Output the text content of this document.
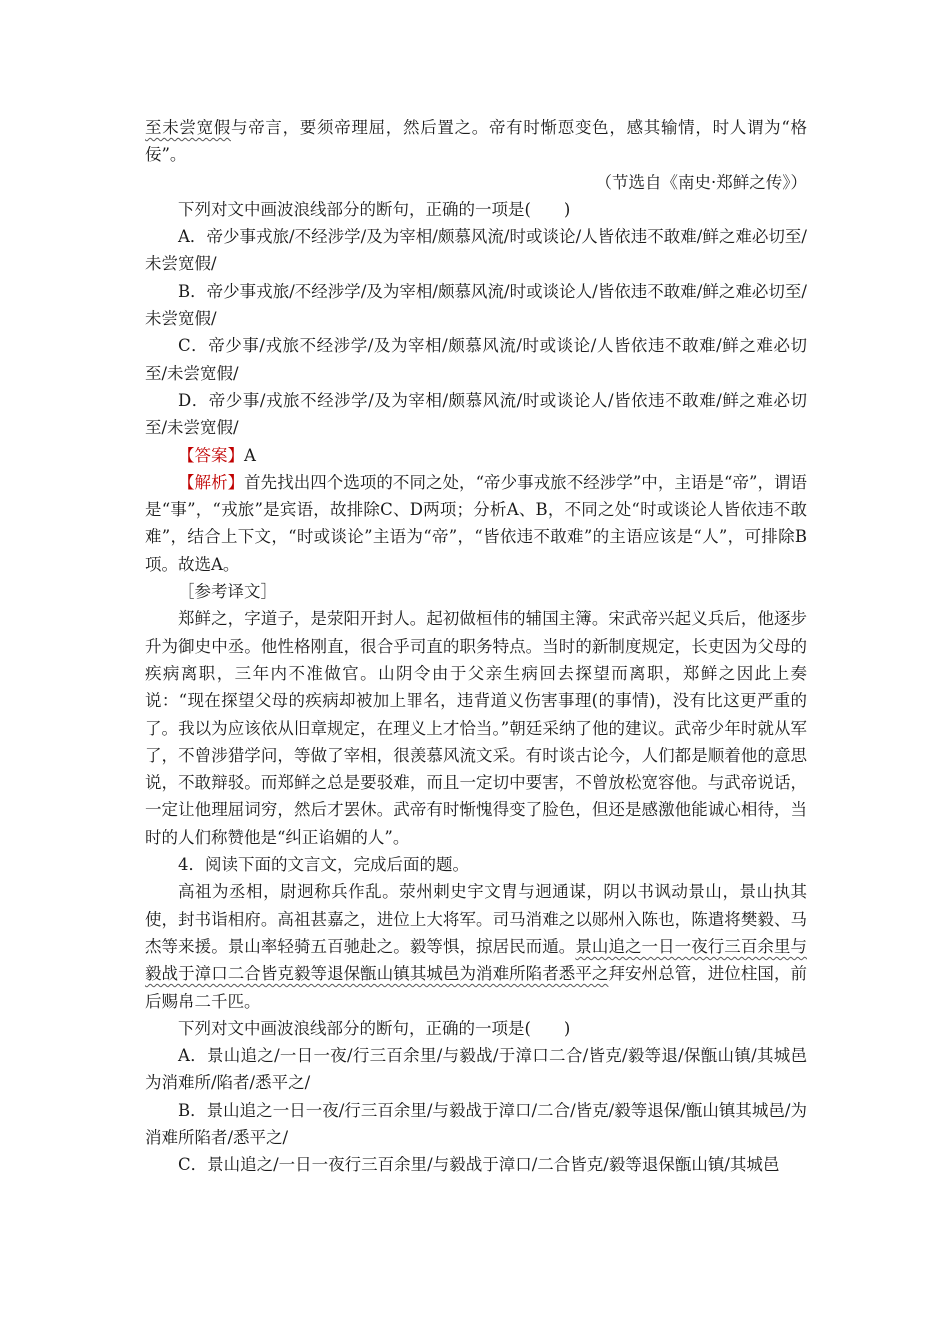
至未尝宽假与帝言，要须帝理屈，然后置之。帝有时惭恧变色，感其输情，时人谓为“格佞”。

（节选自《南史·郑鲜之传》）

下列对文中画波浪线部分的断句，正确的一项是(　　)

A．帝少事戎旅/不经涉学/及为宰相/颇慕风流/时或谈论/人皆依违不敢难/鲜之难必切至/未尝宽假/

B．帝少事戎旅/不经涉学/及为宰相/颇慕风流/时或谈论人/皆依违不敢难/鲜之难必切至/未尝宽假/

C．帝少事/戎旅不经涉学/及为宰相/颇慕风流/时或谈论/人皆依违不敢难/鲜之难必切至/未尝宽假/

D．帝少事/戎旅不经涉学/及为宰相/颇慕风流/时或谈论人/皆依违不敢难/鲜之难必切至/未尝宽假/

【答案】A

【解析】首先找出四个选项的不同之处，“帝少事戎旅不经涉学”中，主语是“帝”，谓语是“事”，“戎旅”是宾语，故排除C、D两项；分析A、B，不同之处“时或谈论人皆依违不敢难”，结合上下文，“时或谈论”主语为“帝”，“皆依违不敢难”的主语应该是“人”，可排除B项。故选A。

［参考译文］

郑鲜之，字道子，是荥阳开封人。起初做桓伟的辅国主簿。宋武帝兴起义兵后，他逐步升为御史中丞。他性格刚直，很合乎司直的职务特点。当时的新制度规定，长吏因为父母的疾病离职，三年内不准做官。山阴令由于父亲生病回去探望而离职，郑鲜之因此上奏说：“现在探望父母的疾病却被加上罪名，违背道义伤害事理(的事情)，没有比这更严重的了。我以为应该依从旧章规定，在理义上才恰当。”朝廷采纳了他的建议。武帝少年时就从军了，不曾涉猎学问，等做了宰相，很羡慕风流文采。有时谈古论今，人们都是顺着他的意思说，不敢辩驳。而郑鲜之总是要驳难，而且一定切中要害，不曾放松宽容他。与武帝说话，一定让他理屈词穷，然后才罢休。武帝有时惭愧得变了脸色，但还是感激他能诚心相待，当时的人们称赞他是“纠正谄媚的人”。

4．阅读下面的文言文，完成后面的题。

高祖为丞相，尉迥称兵作乱。荥州刺史宇文胄与迥通谋，阴以书讽动景山，景山执其使，封书诣相府。高祖甚嘉之，进位上大将军。司马消难之以郧州入陈也，陈遣将樊毅、马杰等来援。景山率轻骑五百驰赴之。毅等惧，掠居民而遁。景山追之一日一夜行三百余里与毅战于漳口二合皆克毅等退保甑山镇其城邑为消难所陷者悉平之拜安州总管，进位柱国，前后赐帛二千匹。

下列对文中画波浪线部分的断句，正确的一项是(　　)

A．景山追之/一日一夜/行三百余里/与毅战/于漳口二合/皆克/毅等退/保甑山镇/其城邑为消难所/陷者/悉平之/

B．景山追之一日一夜/行三百余里/与毅战于漳口/二合/皆克/毅等退保/甑山镇其城邑/为消难所陷者/悉平之/

C．景山追之/一日一夜行三百余里/与毅战于漳口/二合皆克/毅等退保甑山镇/其城邑
